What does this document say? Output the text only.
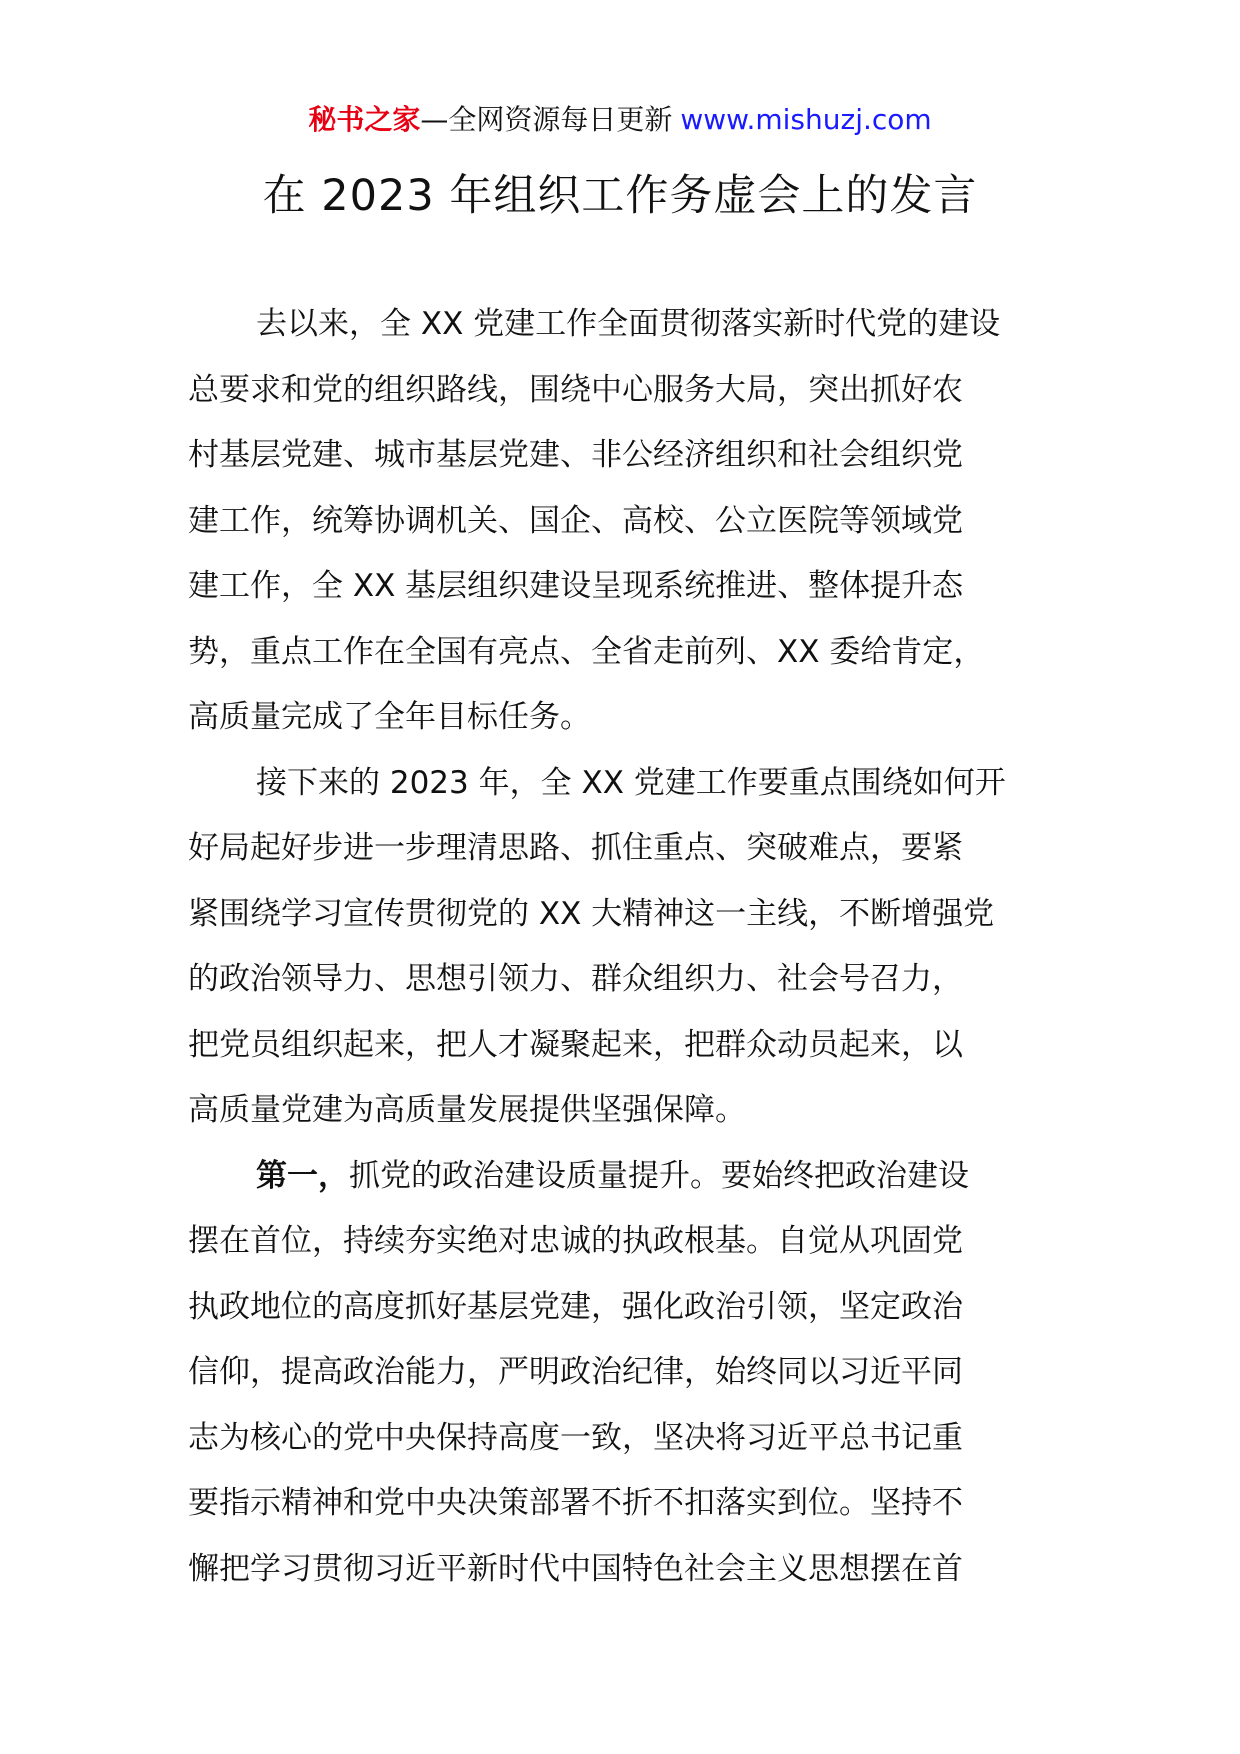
秘书之家—全网资源每日更新 www.mishuzj.com
在 2023 年组织工作务虚会上的发言
去以来，全 XX 党建工作全面贯彻落实新时代党的建设
总要求和党的组织路线，围绕中心服务大局，突出抓好农
村基层党建、城市基层党建、非公经济组织和社会组织党
建工作，统筹协调机关、国企、高校、公立医院等领域党
建工作，全 XX 基层组织建设呈现系统推进、整体提升态
势，重点工作在全国有亮点、全省走前列、XX 委给肯定，
高质量完成了全年目标任务。
接下来的 2023 年，全 XX 党建工作要重点围绕如何开
好局起好步进一步理清思路、抓住重点、突破难点，要紧
紧围绕学习宣传贯彻党的 XX 大精神这一主线，不断增强党
的政治领导力、思想引领力、群众组织力、社会号召力，
把党员组织起来，把人才凝聚起来，把群众动员起来，以
高质量党建为高质量发展提供坚强保障。
第一，抓党的政治建设质量提升。要始终把政治建设
摆在首位，持续夯实绝对忠诚的执政根基。自觉从巩固党
执政地位的高度抓好基层党建，强化政治引领，坚定政治
信仰，提高政治能力，严明政治纪律，始终同以习近平同
志为核心的党中央保持高度一致，坚决将习近平总书记重
要指示精神和党中央决策部署不折不扣落实到位。坚持不
懈把学习贯彻习近平新时代中国特色社会主义思想摆在首
